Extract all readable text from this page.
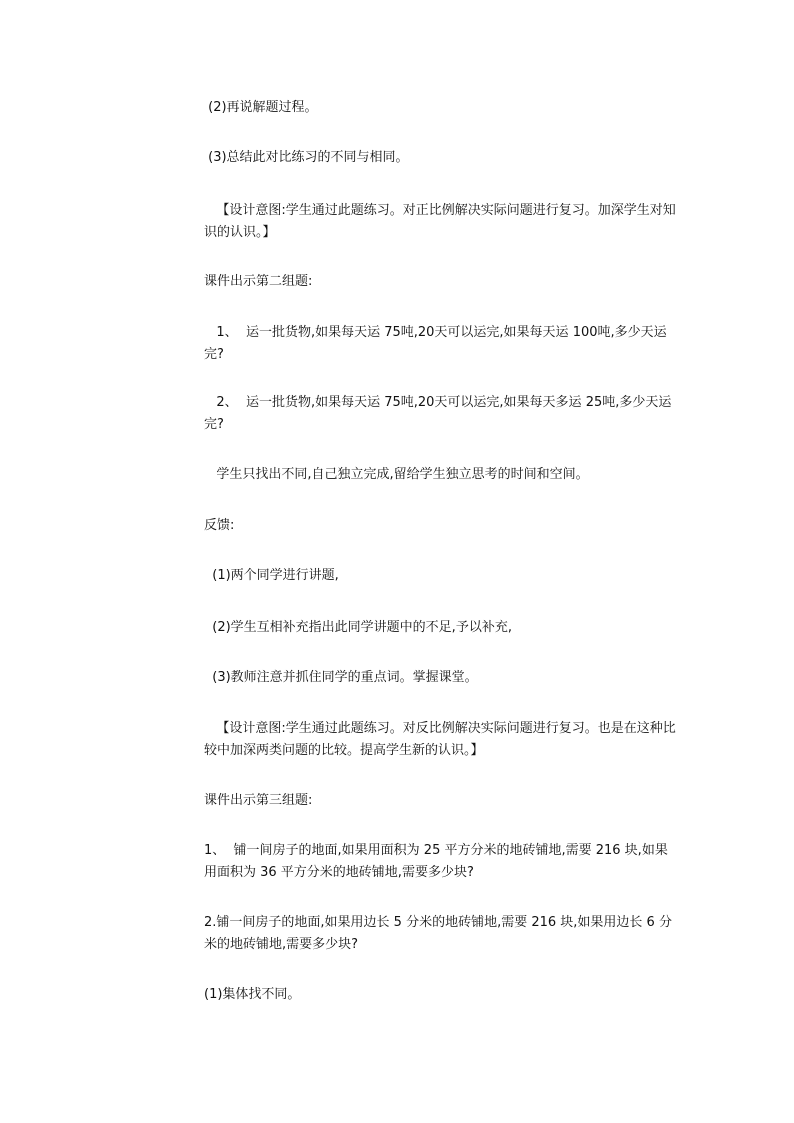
(2)再说解题过程。

(3)总结此对比练习的不同与相同。

【设计意图:学生通过此题练习。对正比例解决实际问题进行复习。加深学生对知识的认识。】

课件出示第二组题:

1、  运一批货物,如果每天运 75吨,20天可以运完,如果每天运 100吨,多少天运完?

2、  运一批货物,如果每天运 75吨,20天可以运完,如果每天多运 25吨,多少天运完?

学生只找出不同,自己独立完成,留给学生独立思考的时间和空间。

反馈:

(1)两个同学进行讲题,

(2)学生互相补充指出此同学讲题中的不足,予以补充,

(3)教师注意并抓住同学的重点词。掌握课堂。

【设计意图:学生通过此题练习。对反比例解决实际问题进行复习。也是在这种比较中加深两类问题的比较。提高学生新的认识。】

课件出示第三组题:

1、  铺一间房子的地面,如果用面积为 25 平方分米的地砖铺地,需要 216 块,如果用面积为 36 平方分米的地砖铺地,需要多少块?

2.铺一间房子的地面,如果用边长 5 分米的地砖铺地,需要 216 块,如果用边长 6 分米的地砖铺地,需要多少块?

(1)集体找不同。
